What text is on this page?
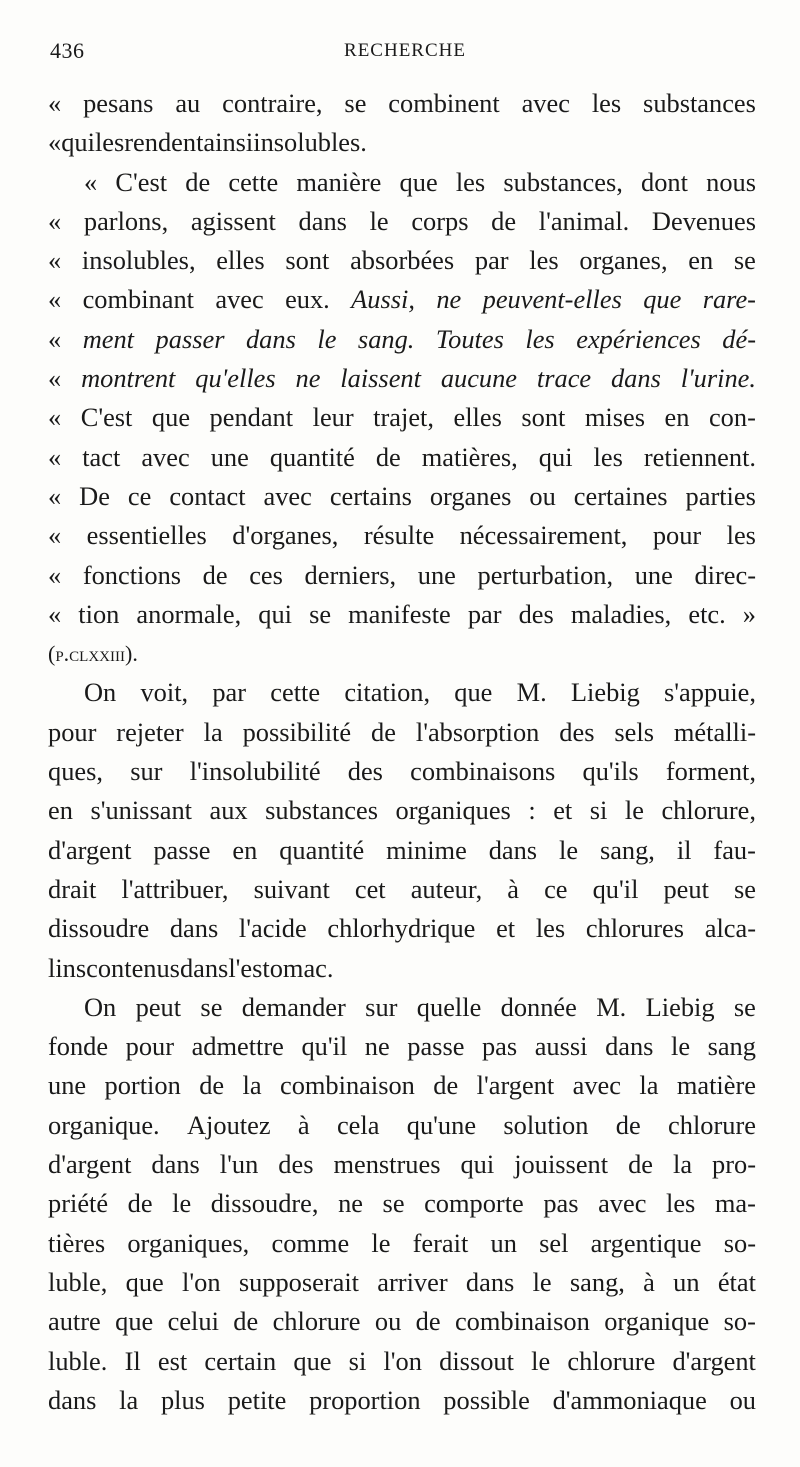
436	RECHERCHE
« pesans au contraire, se combinent avec les substances
« qui les rendent ainsi insolubles.
« C'est de cette manière que les substances, dont nous
« parlons, agissent dans le corps de l'animal. Devenues
« insolubles, elles sont absorbées par les organes, en se
« combinant avec eux. Aussi, ne peuvent-elles que rare-
« ment passer dans le sang. Toutes les expériences dé-
« montrent qu'elles ne laissent aucune trace dans l'urine.
« C'est que pendant leur trajet, elles sont mises en con-
« tact avec une quantité de matières, qui les retiennent.
« De ce contact avec certains organes ou certaines parties
« essentielles d'organes, résulte nécessairement, pour les
« fonctions de ces derniers, une perturbation, une direc-
« tion anormale, qui se manifeste par des maladies, etc. »
(p. clxxiii).
On voit, par cette citation, que M. Liebig s'appuie,
pour rejeter la possibilité de l'absorption des sels métalli-
ques, sur l'insolubilité des combinaisons qu'ils forment,
en s'unissant aux substances organiques : et si le chlorure,
d'argent passe en quantité minime dans le sang, il fau-
drait l'attribuer, suivant cet auteur, à ce qu'il peut se
dissoudre dans l'acide chlorhydrique et les chlorures alca-
lins contenus dans l'estomac.
On peut se demander sur quelle donnée M. Liebig se
fonde pour admettre qu'il ne passe pas aussi dans le sang
une portion de la combinaison de l'argent avec la matière
organique. Ajoutez à cela qu'une solution de chlorure
d'argent dans l'un des menstrues qui jouissent de la pro-
priété de le dissoudre, ne se comporte pas avec les ma-
tières organiques, comme le ferait un sel argentique so-
luble, que l'on supposerait arriver dans le sang, à un état
autre que celui de chlorure ou de combinaison organique so-
luble. Il est certain que si l'on dissout le chlorure d'argent
dans la plus petite proportion possible d'ammoniaque ou
